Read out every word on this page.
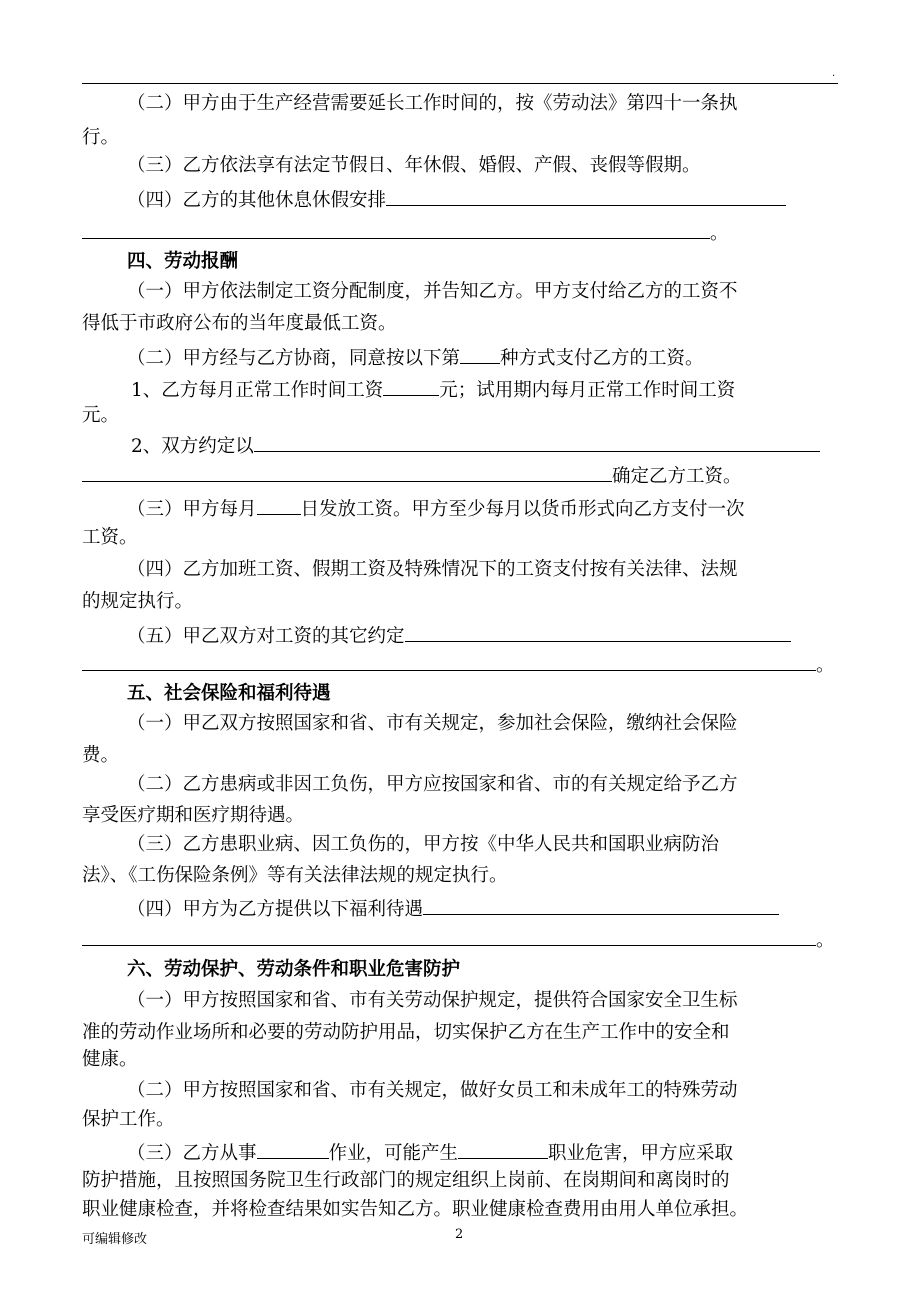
.
（二）甲方由于生产经营需要延长工作时间的，按《劳动法》第四十一条执
行。
（三）乙方依法享有法定节假日、年休假、婚假、产假、丧假等假期。
（四）乙方的其他休息休假安排
。
四、劳动报酬
（一）甲方依法制定工资分配制度，并告知乙方。甲方支付给乙方的工资不
得低于市政府公布的当年度最低工资。
（二）甲方经与乙方协商，同意按以下第 种方式支付乙方的工资。
1、乙方每月正常工作时间工资	元；试用期内每月正常工作时间工资
元。
2、双方约定以
确定乙方工资。
（三）甲方每月 日发放工资。甲方至少每月以货币形式向乙方支付一次
工资。
（四）乙方加班工资、假期工资及特殊情况下的工资支付按有关法律、法规
的规定执行。
（五）甲乙双方对工资的其它约定
。
五、社会保险和福利待遇
（一）甲乙双方按照国家和省、市有关规定，参加社会保险，缴纳社会保险
费。
（二）乙方患病或非因工负伤，甲方应按国家和省、市的有关规定给予乙方
享受医疗期和医疗期待遇。
（三）乙方患职业病、因工负伤的，甲方按《中华人民共和国职业病防治
法》、《工伤保险条例》等有关法律法规的规定执行。
（四）甲方为乙方提供以下福利待遇
。
六、劳动保护、劳动条件和职业危害防护
（一）甲方按照国家和省、市有关劳动保护规定，提供符合国家安全卫生标
准的劳动作业场所和必要的劳动防护用品，切实保护乙方在生产工作中的安全和
健康。
（二）甲方按照国家和省、市有关规定，做好女员工和未成年工的特殊劳动
保护工作。
（三）乙方从事	作业，可能产生	职业危害，甲方应采取
防护措施，且按照国务院卫生行政部门的规定组织上岗前、在岗期间和离岗时的
职业健康检查，并将检查结果如实告知乙方。职业健康检查费用由用人单位承担。
可编辑修改	2
